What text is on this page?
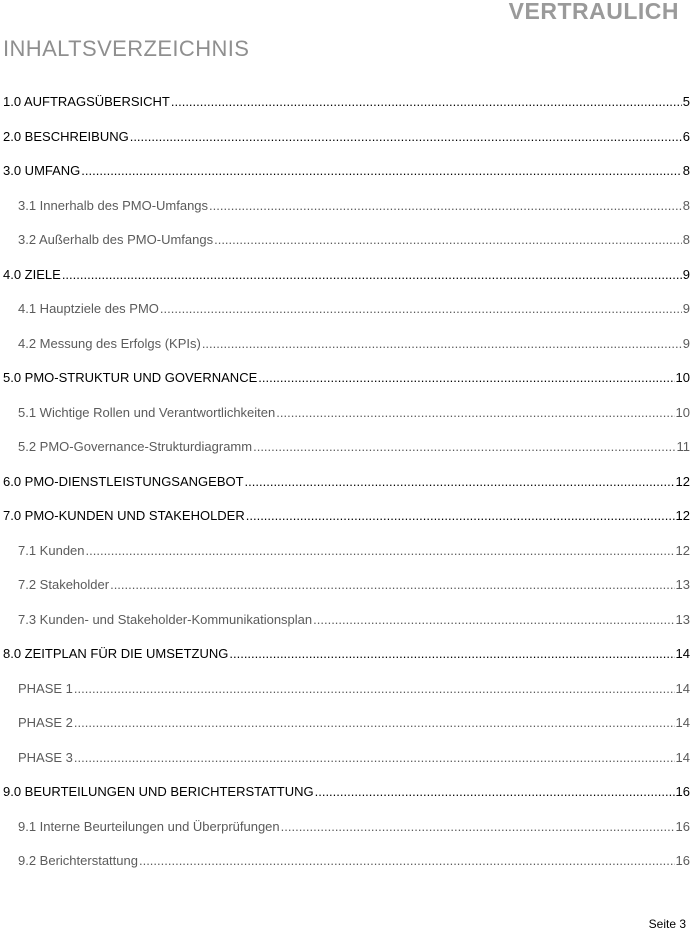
VERTRAULICH
INHALTSVERZEICHNIS
1.0 AUFTRAGSÜBERSICHT .....	5
2.0 BESCHREIBUNG .....	6
3.0 UMFANG .....	8
3.1 Innerhalb des PMO-Umfangs .....	8
3.2 Außerhalb des PMO-Umfangs .....	8
4.0 ZIELE .....	9
4.1 Hauptziele des PMO .....	9
4.2 Messung des Erfolgs (KPIs) .....	9
5.0 PMO-STRUKTUR UND GOVERNANCE .....	10
5.1 Wichtige Rollen und Verantwortlichkeiten .....	10
5.2 PMO-Governance-Strukturdiagramm .....	11
6.0 PMO-DIENSTLEISTUNGSANGEBOT .....	12
7.0 PMO-KUNDEN UND STAKEHOLDER .....	12
7.1 Kunden .....	12
7.2 Stakeholder .....	13
7.3 Kunden- und Stakeholder-Kommunikationsplan .....	13
8.0 ZEITPLAN FÜR DIE UMSETZUNG .....	14
PHASE 1 .....	14
PHASE 2 .....	14
PHASE 3 .....	14
9.0 BEURTEILUNGEN UND BERICHTERSTATTUNG .....	16
9.1 Interne Beurteilungen und Überprüfungen .....	16
9.2 Berichterstattung .....	16
Seite 3
